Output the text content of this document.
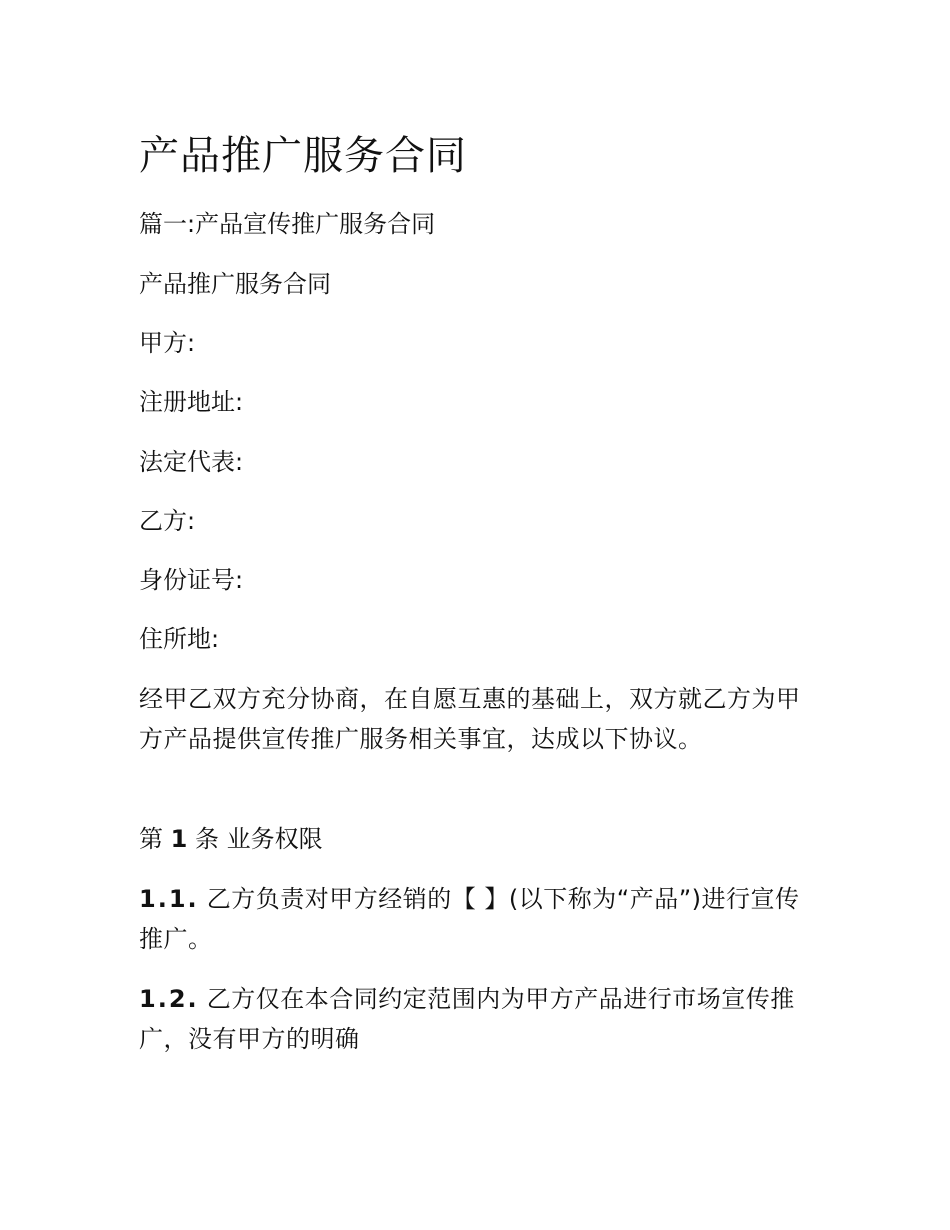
产品推广服务合同

篇一:产品宣传推广服务合同

产品推广服务合同

甲方:

注册地址:

法定代表:

乙方:

身份证号:

住所地:

经甲乙双方充分协商，在自愿互惠的基础上，双方就乙方为甲方产品提供宣传推广服务相关事宜，达成以下协议。

第 1 条 业务权限

1.1. 乙方负责对甲方经销的【 】(以下称为“产品”)进行宣传推广。

1.2. 乙方仅在本合同约定范围内为甲方产品进行市场宣传推广，没有甲方的明确
